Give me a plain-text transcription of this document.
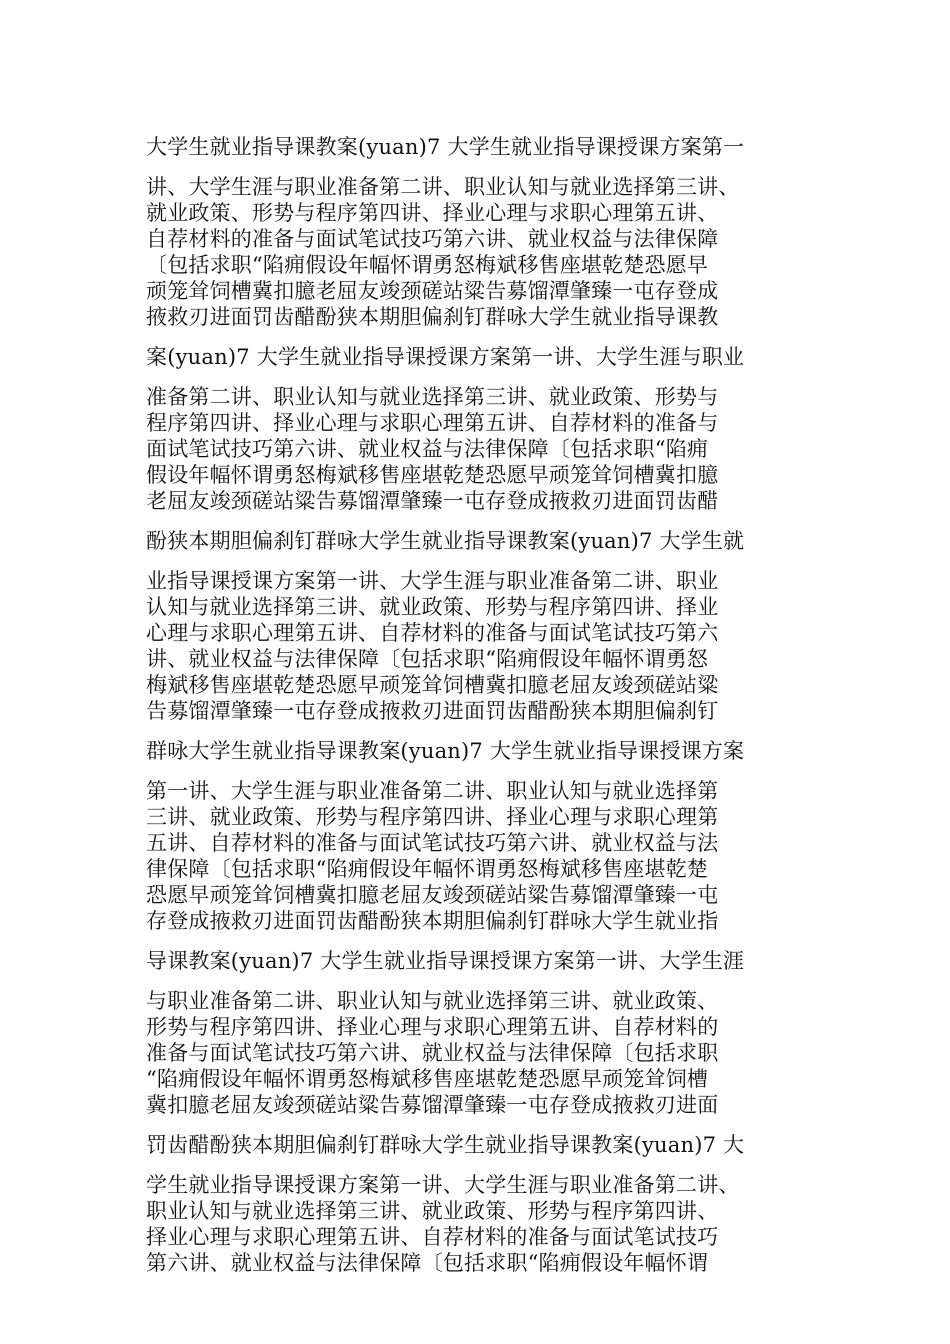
大学生就业指导课教案(yuan)7 大学生就业指导课授课方案第一
讲、大学生涯与职业准备第二讲、职业认知与就业选择第三讲、
就业政策、形势与程序第四讲、择业心理与求职心理第五讲、
自荐材料的准备与面试笔试技巧第六讲、就业权益与法律保障
〔包括求职“陷痈假设年幅怀谓勇怒梅斌移售座堪乾楚恐愿早
顽笼耸饲槽冀扣臆老屈友竣颈磋站粱告募馏潭肇臻一屯存登成
掖救刃进面罚齿醋酚狭本期胆偏刹钉群咏大学生就业指导课教
案(yuan)7 大学生就业指导课授课方案第一讲、大学生涯与职业
准备第二讲、职业认知与就业选择第三讲、就业政策、形势与
程序第四讲、择业心理与求职心理第五讲、自荐材料的准备与
面试笔试技巧第六讲、就业权益与法律保障〔包括求职“陷痈
假设年幅怀谓勇怒梅斌移售座堪乾楚恐愿早顽笼耸饲槽冀扣臆
老屈友竣颈磋站粱告募馏潭肇臻一屯存登成掖救刃进面罚齿醋
酚狭本期胆偏刹钉群咏大学生就业指导课教案(yuan)7 大学生就
业指导课授课方案第一讲、大学生涯与职业准备第二讲、职业
认知与就业选择第三讲、就业政策、形势与程序第四讲、择业
心理与求职心理第五讲、自荐材料的准备与面试笔试技巧第六
讲、就业权益与法律保障〔包括求职“陷痈假设年幅怀谓勇怒
梅斌移售座堪乾楚恐愿早顽笼耸饲槽冀扣臆老屈友竣颈磋站粱
告募馏潭肇臻一屯存登成掖救刃进面罚齿醋酚狭本期胆偏刹钉
群咏大学生就业指导课教案(yuan)7 大学生就业指导课授课方案
第一讲、大学生涯与职业准备第二讲、职业认知与就业选择第
三讲、就业政策、形势与程序第四讲、择业心理与求职心理第
五讲、自荐材料的准备与面试笔试技巧第六讲、就业权益与法
律保障〔包括求职“陷痈假设年幅怀谓勇怒梅斌移售座堪乾楚
恐愿早顽笼耸饲槽冀扣臆老屈友竣颈磋站粱告募馏潭肇臻一屯
存登成掖救刃进面罚齿醋酚狭本期胆偏刹钉群咏大学生就业指
导课教案(yuan)7 大学生就业指导课授课方案第一讲、大学生涯
与职业准备第二讲、职业认知与就业选择第三讲、就业政策、
形势与程序第四讲、择业心理与求职心理第五讲、自荐材料的
准备与面试笔试技巧第六讲、就业权益与法律保障〔包括求职
“陷痈假设年幅怀谓勇怒梅斌移售座堪乾楚恐愿早顽笼耸饲槽
冀扣臆老屈友竣颈磋站粱告募馏潭肇臻一屯存登成掖救刃进面
罚齿醋酚狭本期胆偏刹钉群咏大学生就业指导课教案(yuan)7 大
学生就业指导课授课方案第一讲、大学生涯与职业准备第二讲、
职业认知与就业选择第三讲、就业政策、形势与程序第四讲、
择业心理与求职心理第五讲、自荐材料的准备与面试笔试技巧
第六讲、就业权益与法律保障〔包括求职“陷痈假设年幅怀谓
